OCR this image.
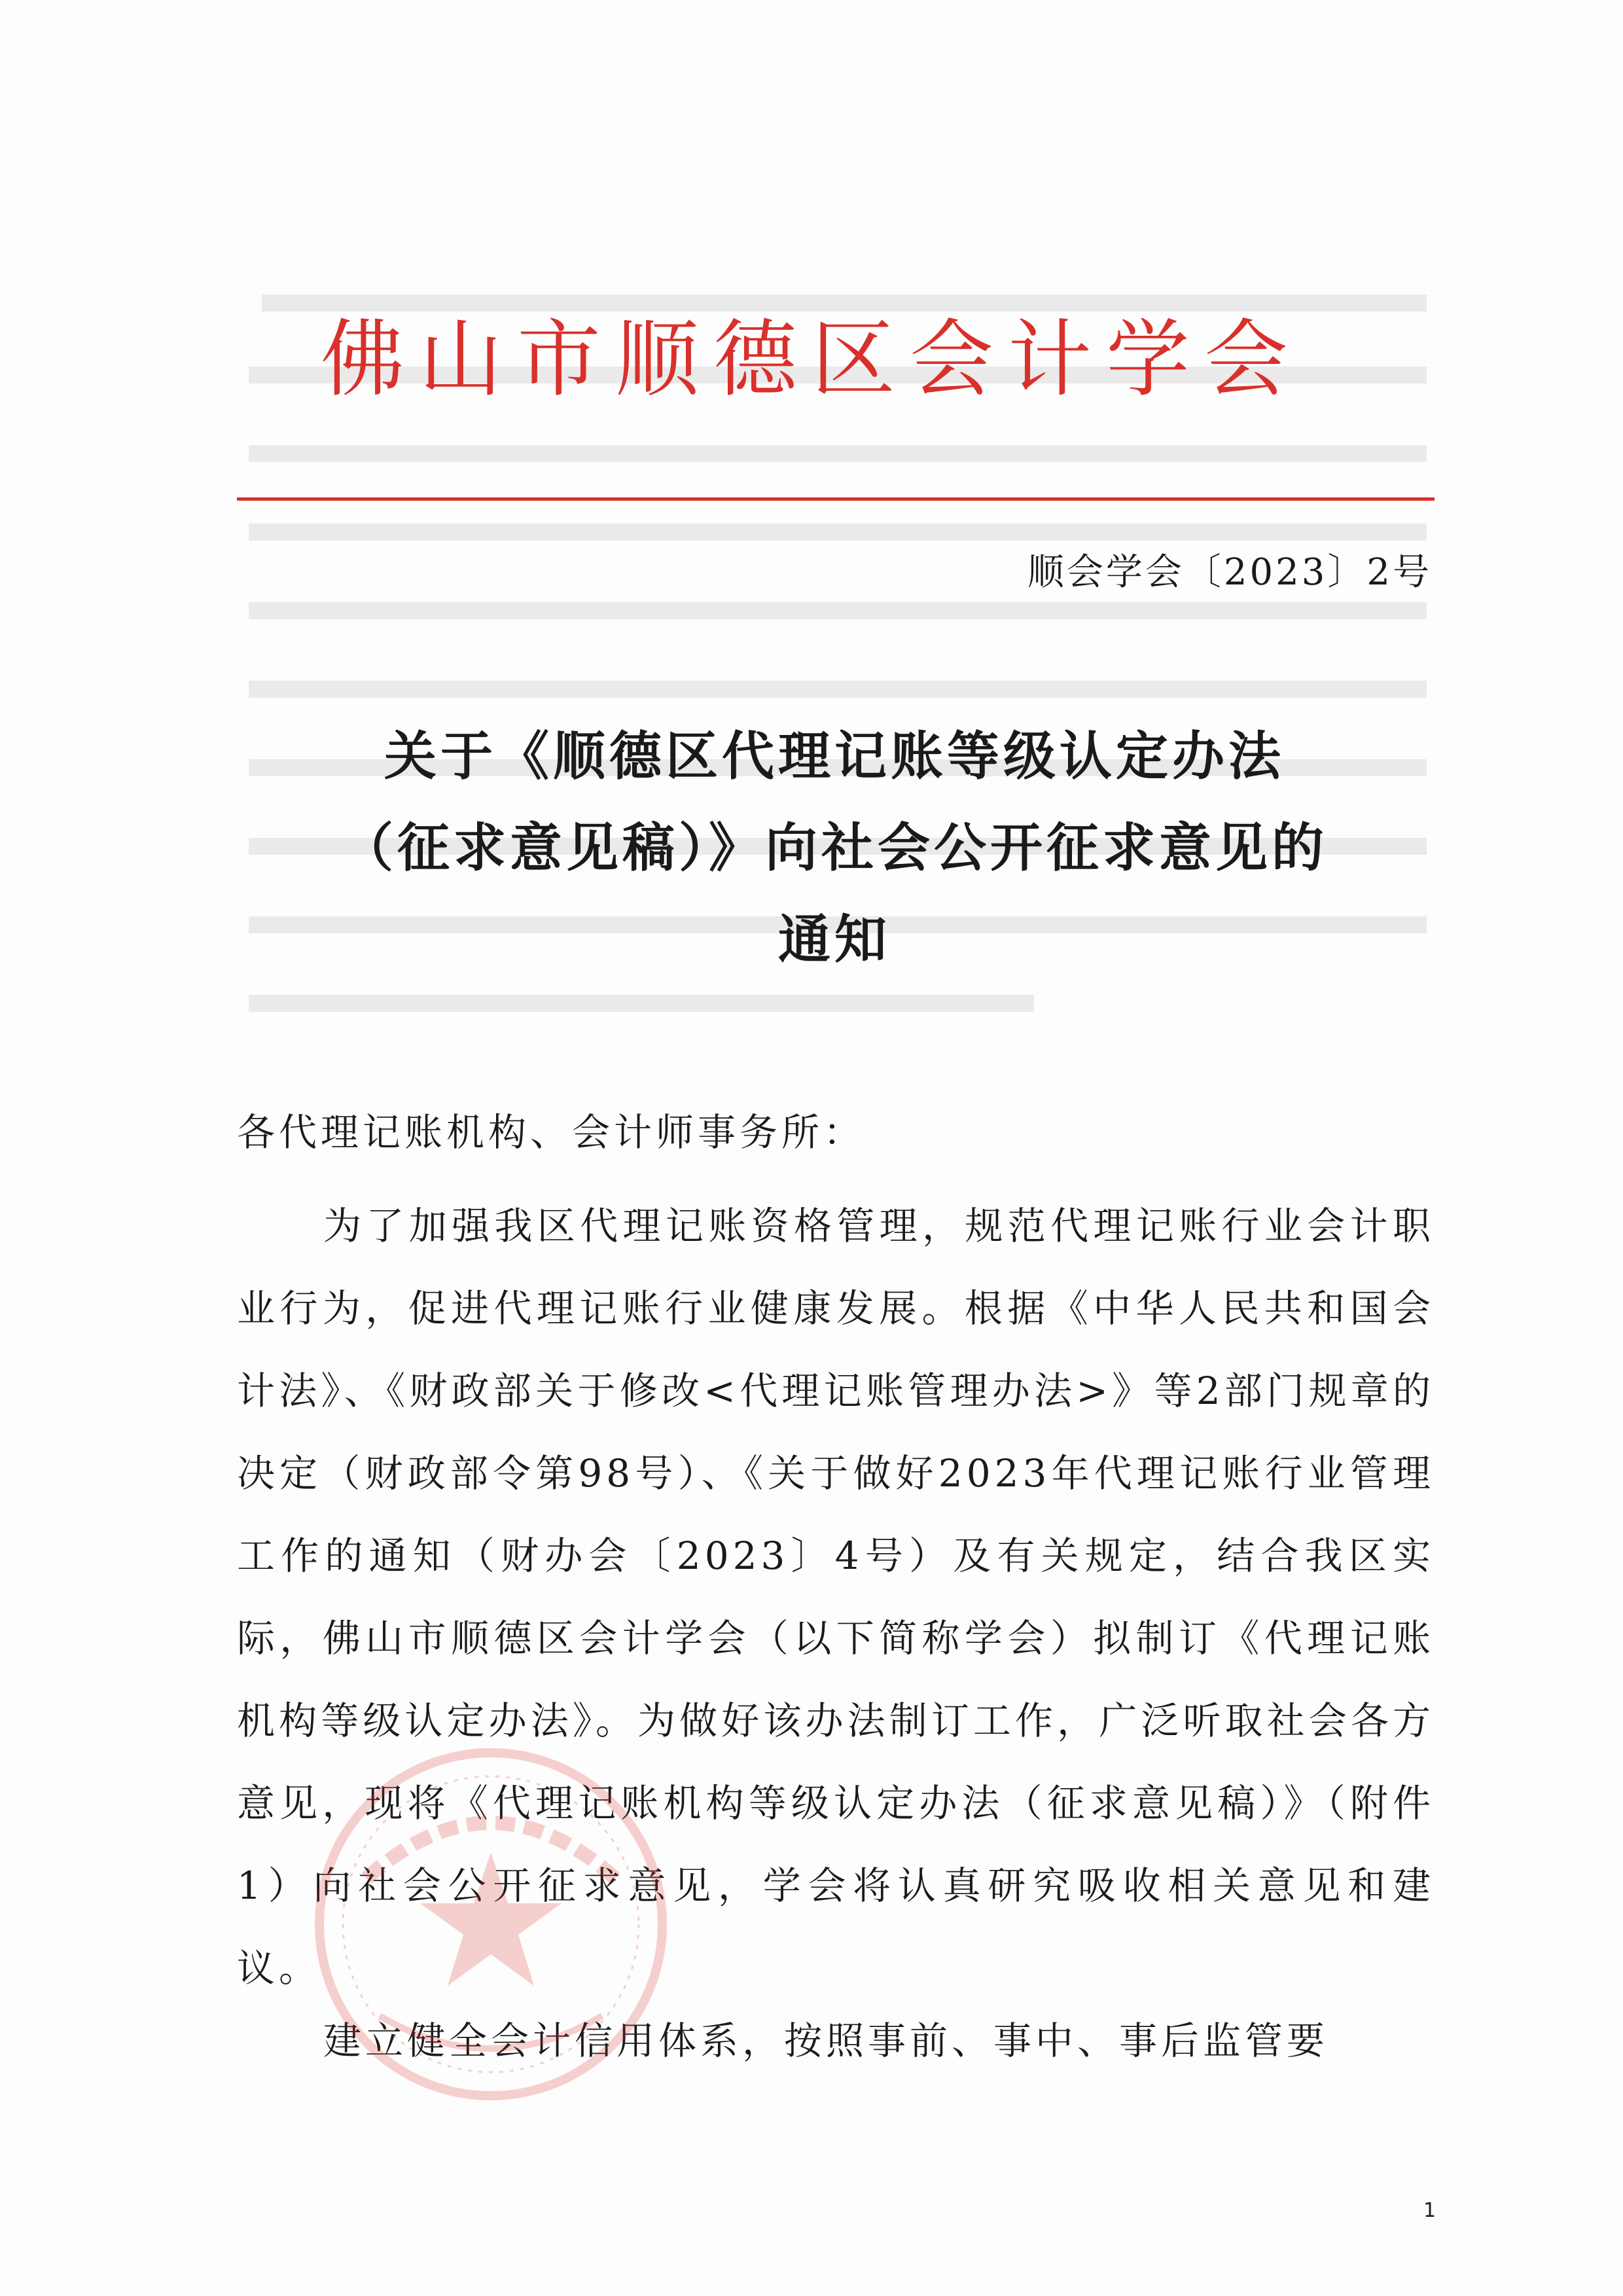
佛山市顺德区会计学会
顺会学会〔2023〕2号
关于《顺德区代理记账等级认定办法
（征求意见稿）》向社会公开征求意见的
通知
各代理记账机构、会计师事务所：
为了加强我区代理记账资格管理，规范代理记账行业会计职业行为，促进代理记账行业健康发展。根据《中华人民共和国会计法》、《财政部关于修改<代理记账管理办法>》等2部门规章的决定（财政部令第98号）、《关于做好2023年代理记账行业管理工作的通知（财办会〔2023〕4号）及有关规定，结合我区实际，佛山市顺德区会计学会（以下简称学会）拟制订《代理记账机构等级认定办法》。为做好该办法制订工作，广泛听取社会各方意见，现将《代理记账机构等级认定办法（征求意见稿）》（附件1）向社会公开征求意见，学会将认真研究吸收相关意见和建议。
建立健全会计信用体系，按照事前、事中、事后监管要
1
